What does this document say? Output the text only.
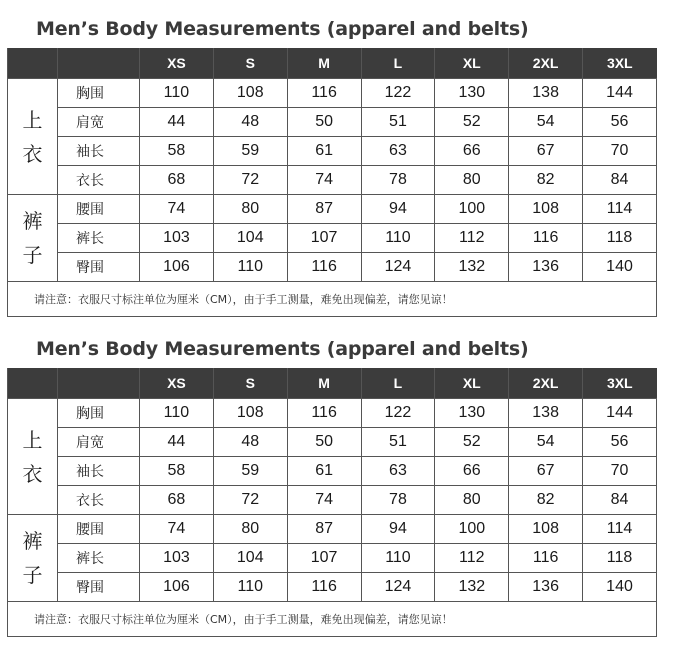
Men’s Body Measurements (apparel and belts)
		XS	S	M	L	XL	2XL	3XL

上
衣	胸围	110	108	116	122	130	138	144
	肩宽	44	48	50	51	52	54	56
	袖长	58	59	61	63	66	67	70
	衣长	68	72	74	78	80	82	84

裤
子	腰围	74	80	87	94	100	108	114
	裤长	103	104	107	110	112	116	118
	臀围	106	110	116	124	132	136	140
请注意：衣服尺寸标注单位为厘米（CM），由于手工测量，难免出现偏差，请您见谅！								
Men’s Body Measurements (apparel and belts)
		XS	S	M	L	XL	2XL	3XL

上
衣	胸围	110	108	116	122	130	138	144
	肩宽	44	48	50	51	52	54	56
	袖长	58	59	61	63	66	67	70
	衣长	68	72	74	78	80	82	84

裤
子	腰围	74	80	87	94	100	108	114
	裤长	103	104	107	110	112	116	118
	臀围	106	110	116	124	132	136	140
请注意：衣服尺寸标注单位为厘米（CM），由于手工测量，难免出现偏差，请您见谅！								
